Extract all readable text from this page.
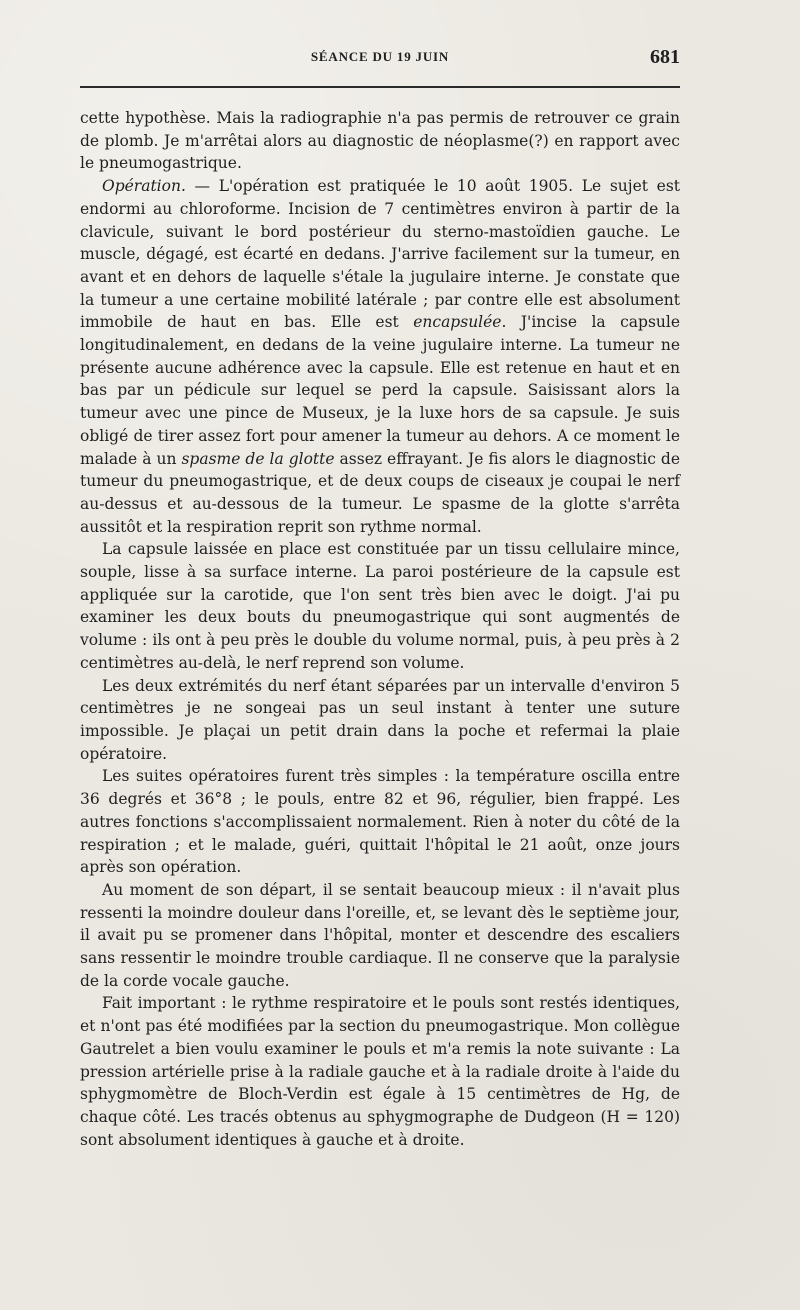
SÉANCE DU 19 JUIN	681

cette hypothèse. Mais la radiographie n'a pas permis de retrouver ce grain de plomb. Je m'arrêtai alors au diagnostic de néoplasme(?) en rapport avec le pneumogastrique.

Opération. — L'opération est pratiquée le 10 août 1905. Le sujet est endormi au chloroforme. Incision de 7 centimètres environ à partir de la clavicule, suivant le bord postérieur du sterno-mastoïdien gauche. Le muscle, dégagé, est écarté en dedans. J'arrive facilement sur la tumeur, en avant et en dehors de laquelle s'étale la jugulaire interne. Je constate que la tumeur a une certaine mobilité latérale ; par contre elle est absolument immobile de haut en bas. Elle est encapsulée. J'incise la capsule longitudinalement, en dedans de la veine jugulaire interne. La tumeur ne présente aucune adhérence avec la capsule. Elle est retenue en haut et en bas par un pédicule sur lequel se perd la capsule. Saisissant alors la tumeur avec une pince de Museux, je la luxe hors de sa capsule. Je suis obligé de tirer assez fort pour amener la tumeur au dehors. A ce moment le malade à un spasme de la glotte assez effrayant. Je fis alors le diagnostic de tumeur du pneumogastrique, et de deux coups de ciseaux je coupai le nerf au-dessus et au-dessous de la tumeur. Le spasme de la glotte s'arrêta aussitôt et la respiration reprit son rythme normal.

La capsule laissée en place est constituée par un tissu cellulaire mince, souple, lisse à sa surface interne. La paroi postérieure de la capsule est appliquée sur la carotide, que l'on sent très bien avec le doigt. J'ai pu examiner les deux bouts du pneumogastrique qui sont augmentés de volume : ils ont à peu près le double du volume normal, puis, à peu près à 2 centimètres au-delà, le nerf reprend son volume.

Les deux extrémités du nerf étant séparées par un intervalle d'environ 5 centimètres je ne songeai pas un seul instant à tenter une suture impossible. Je plaçai un petit drain dans la poche et refermai la plaie opératoire.

Les suites opératoires furent très simples : la température oscilla entre 36 degrés et 36°8 ; le pouls, entre 82 et 96, régulier, bien frappé. Les autres fonctions s'accomplissaient normalement. Rien à noter du côté de la respiration ; et le malade, guéri, quittait l'hôpital le 21 août, onze jours après son opération.

Au moment de son départ, il se sentait beaucoup mieux : il n'avait plus ressenti la moindre douleur dans l'oreille, et, se levant dès le septième jour, il avait pu se promener dans l'hôpital, monter et descendre des escaliers sans ressentir le moindre trouble cardiaque. Il ne conserve que la paralysie de la corde vocale gauche.

Fait important : le rythme respiratoire et le pouls sont restés identiques, et n'ont pas été modifiées par la section du pneumogastrique. Mon collègue Gautrelet a bien voulu examiner le pouls et m'a remis la note suivante : La pression artérielle prise à la radiale gauche et à la radiale droite à l'aide du sphygmomètre de Bloch-Verdin est égale à 15 centimètres de Hg, de chaque côté. Les tracés obtenus au sphygmographe de Dudgeon (H = 120) sont absolument identiques à gauche et à droite.
